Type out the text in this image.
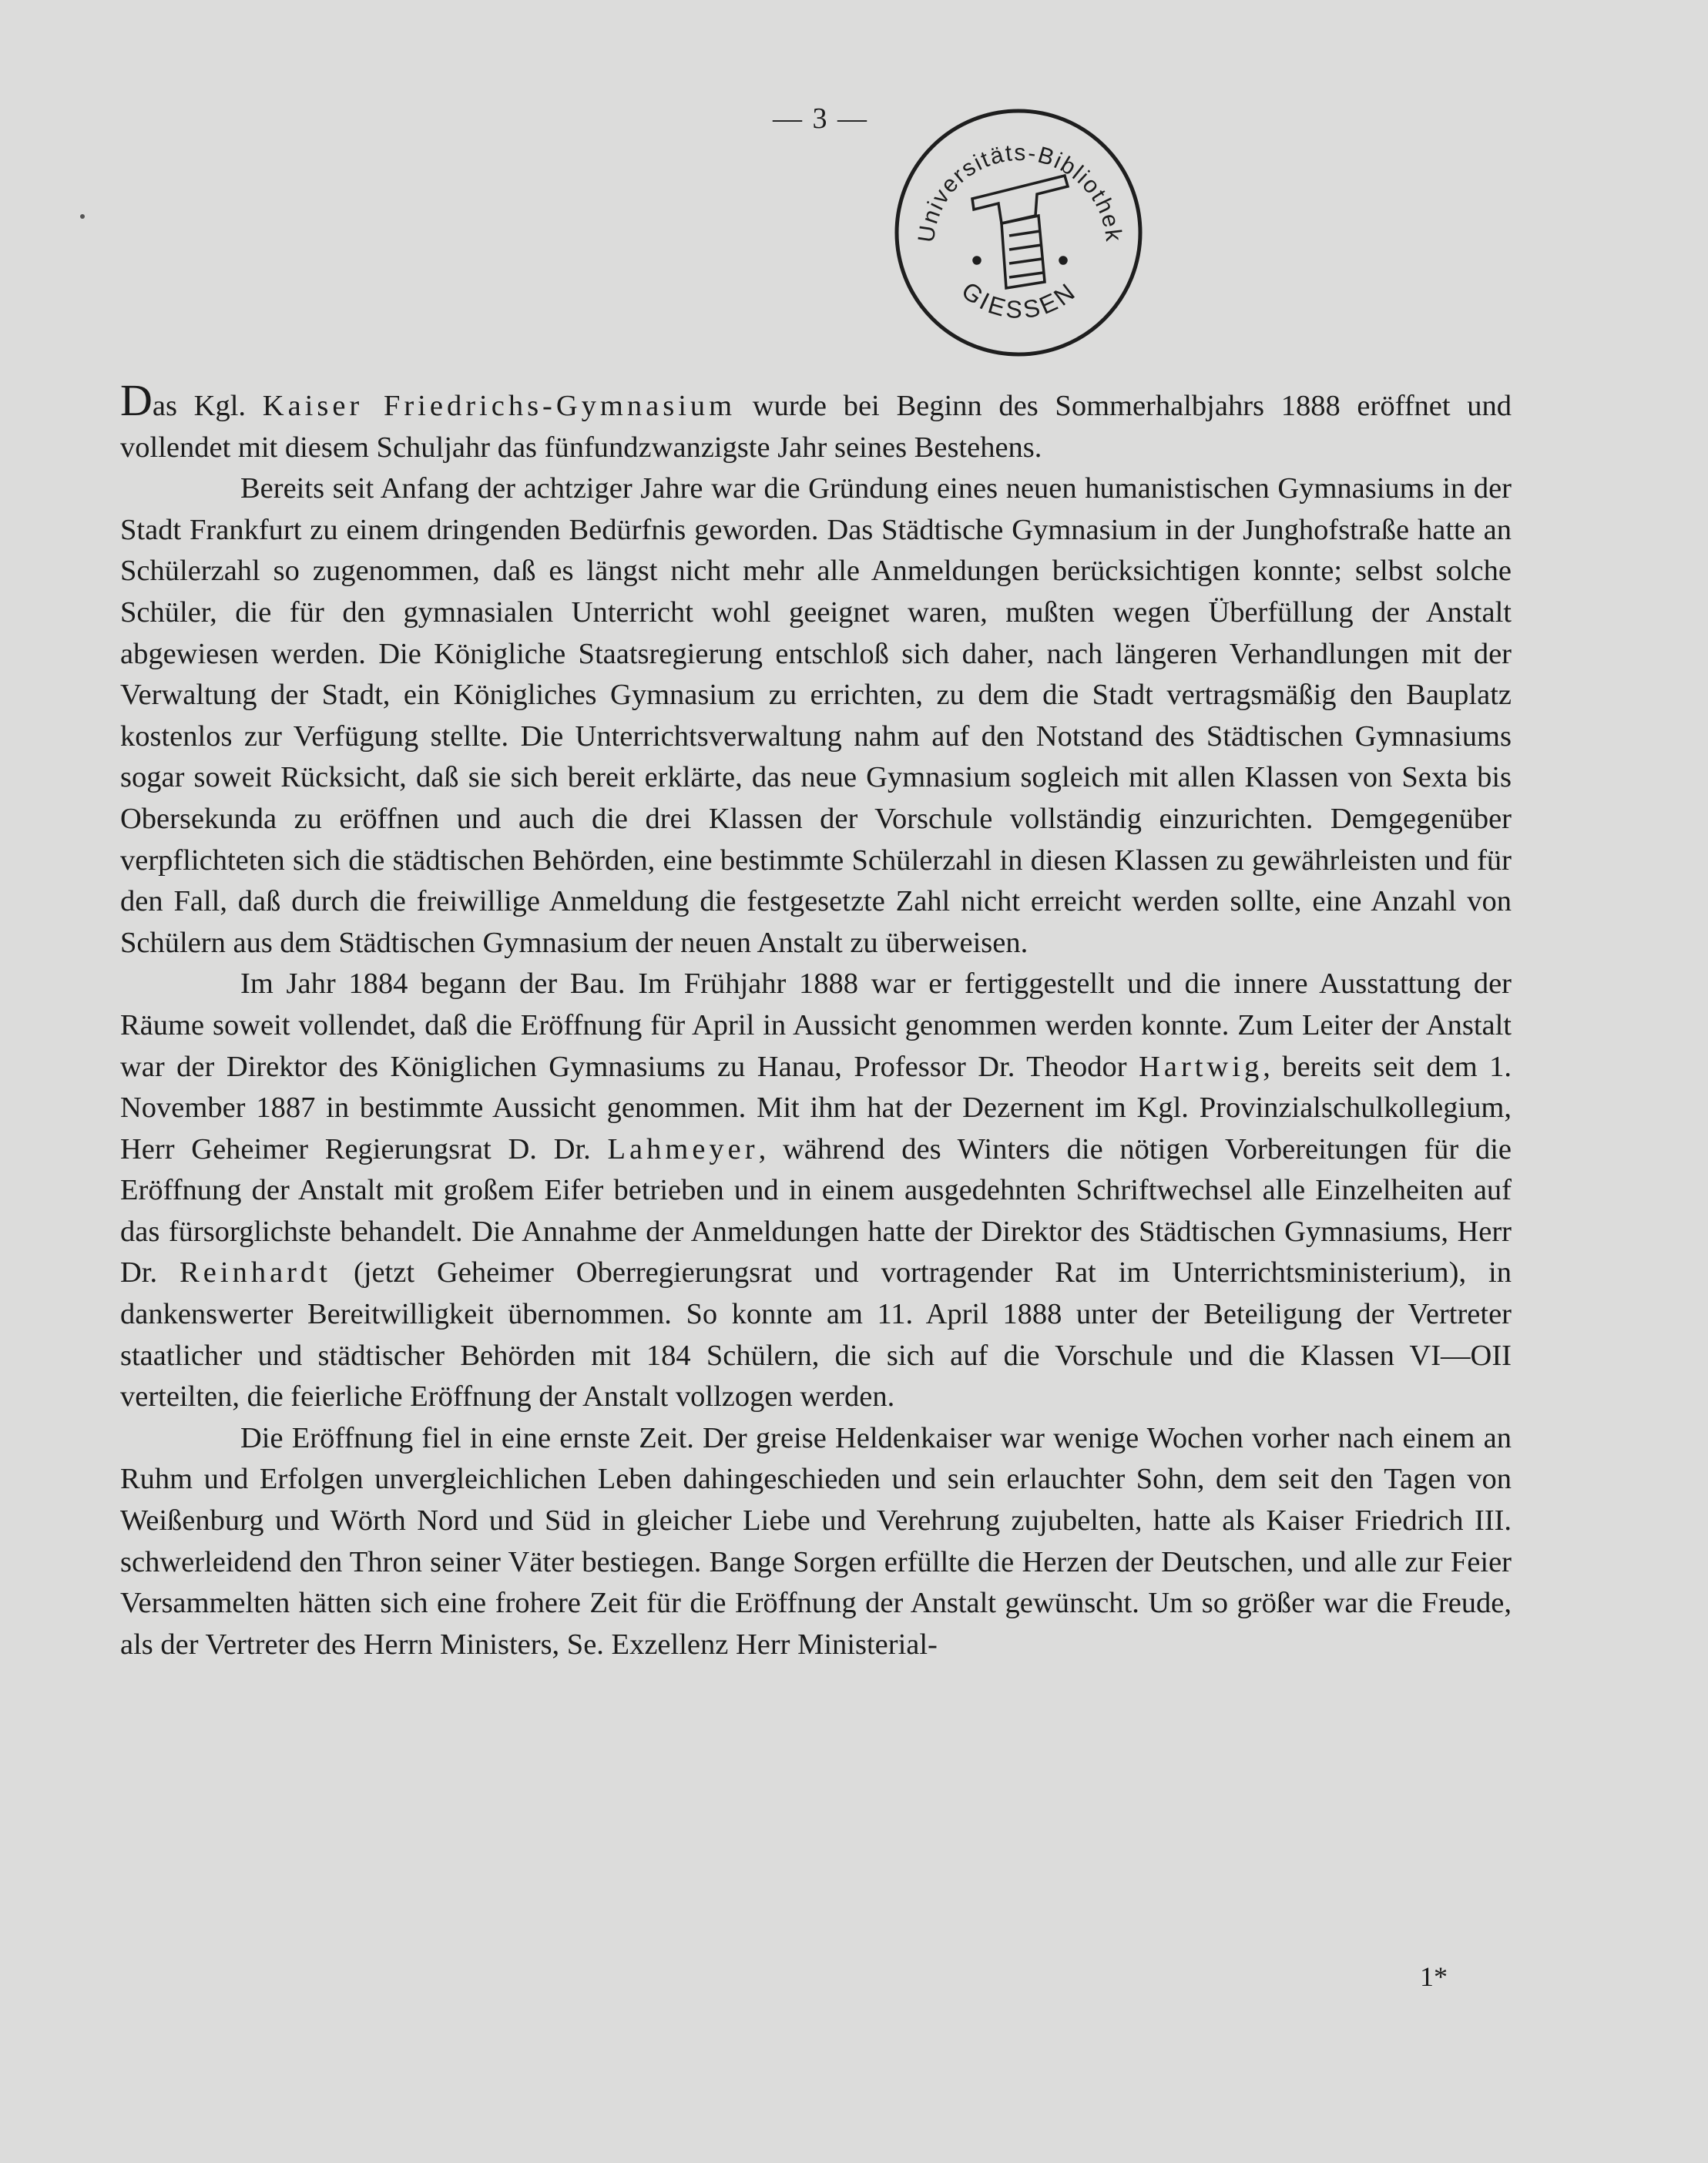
— 3 —
Universitäts-Bibliothek
GIESSEN

Das Kgl. Kaiser Friedrichs-Gymnasium wurde bei Beginn des Sommerhalbjahrs 1888 eröffnet und vollendet mit diesem Schuljahr das fünfundzwanzigste Jahr seines Bestehens.

Bereits seit Anfang der achtziger Jahre war die Gründung eines neuen humanistischen Gymnasiums in der Stadt Frankfurt zu einem dringenden Bedürfnis geworden. Das Städtische Gymnasium in der Junghofstraße hatte an Schülerzahl so zugenommen, daß es längst nicht mehr alle Anmeldungen berücksichtigen konnte; selbst solche Schüler, die für den gymnasialen Unterricht wohl geeignet waren, mußten wegen Überfüllung der Anstalt abgewiesen werden. Die Königliche Staatsregierung entschloß sich daher, nach längeren Verhandlungen mit der Verwaltung der Stadt, ein Königliches Gymnasium zu errichten, zu dem die Stadt vertragsmäßig den Bauplatz kostenlos zur Verfügung stellte. Die Unterrichtsverwaltung nahm auf den Notstand des Städtischen Gymnasiums sogar soweit Rücksicht, daß sie sich bereit erklärte, das neue Gymnasium sogleich mit allen Klassen von Sexta bis Obersekunda zu eröffnen und auch die drei Klassen der Vorschule vollständig einzurichten. Demgegenüber verpflichteten sich die städtischen Behörden, eine bestimmte Schülerzahl in diesen Klassen zu gewährleisten und für den Fall, daß durch die freiwillige Anmeldung die festgesetzte Zahl nicht erreicht werden sollte, eine Anzahl von Schülern aus dem Städtischen Gymnasium der neuen Anstalt zu überweisen.

Im Jahr 1884 begann der Bau. Im Frühjahr 1888 war er fertiggestellt und die innere Ausstattung der Räume soweit vollendet, daß die Eröffnung für April in Aussicht genommen werden konnte. Zum Leiter der Anstalt war der Direktor des Königlichen Gymnasiums zu Hanau, Professor Dr. Theodor Hartwig, bereits seit dem 1. November 1887 in bestimmte Aussicht genommen. Mit ihm hat der Dezernent im Kgl. Provinzialschulkollegium, Herr Geheimer Regierungsrat D. Dr. Lahmeyer, während des Winters die nötigen Vorbereitungen für die Eröffnung der Anstalt mit großem Eifer betrieben und in einem ausgedehnten Schriftwechsel alle Einzelheiten auf das fürsorglichste behandelt. Die Annahme der Anmeldungen hatte der Direktor des Städtischen Gymnasiums, Herr Dr. Reinhardt (jetzt Geheimer Oberregierungsrat und vortragender Rat im Unterrichtsministerium), in dankenswerter Bereitwilligkeit übernommen. So konnte am 11. April 1888 unter der Beteiligung der Vertreter staatlicher und städtischer Behörden mit 184 Schülern, die sich auf die Vorschule und die Klassen VI—OII verteilten, die feierliche Eröffnung der Anstalt vollzogen werden.

Die Eröffnung fiel in eine ernste Zeit. Der greise Heldenkaiser war wenige Wochen vorher nach einem an Ruhm und Erfolgen unvergleichlichen Leben dahingeschieden und sein erlauchter Sohn, dem seit den Tagen von Weißenburg und Wörth Nord und Süd in gleicher Liebe und Verehrung zujubelten, hatte als Kaiser Friedrich III. schwerleidend den Thron seiner Väter bestiegen. Bange Sorgen erfüllte die Herzen der Deutschen, und alle zur Feier Versammelten hätten sich eine frohere Zeit für die Eröffnung der Anstalt gewünscht. Um so größer war die Freude, als der Vertreter des Herrn Ministers, Se. Exzellenz Herr Ministerial-

1*
